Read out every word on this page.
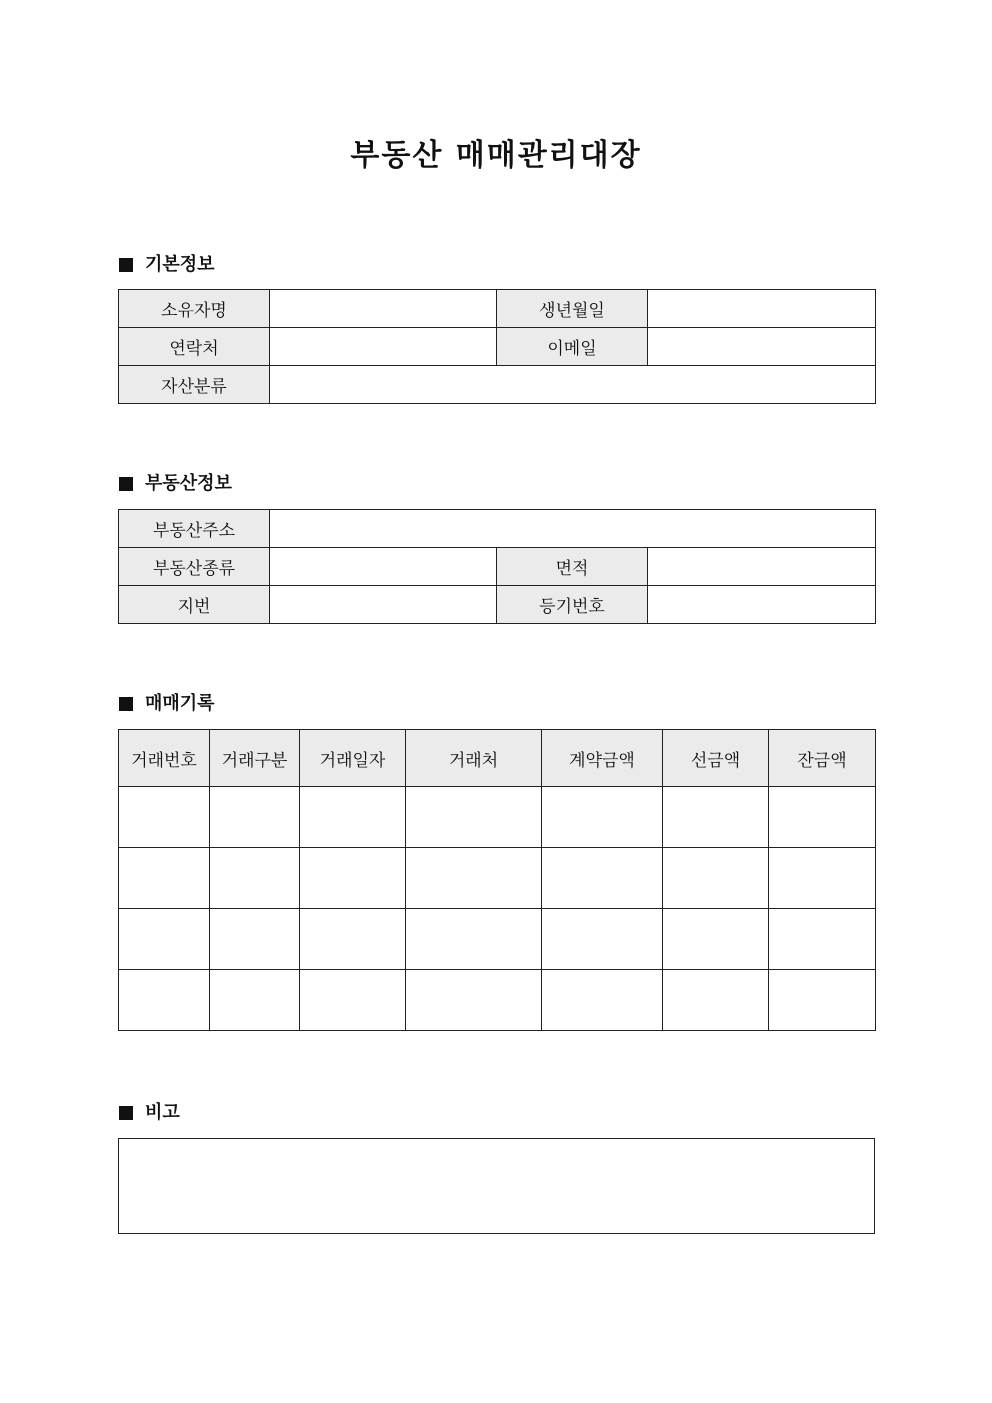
부동산 매매관리대장
기본정보
소유자명		생년월일	
연락처		이메일	
자산분류			
부동산정보
부동산주소			
부동산종류		면적	
지번		등기번호	
매매기록
거래번호	거래구분	거래일자	거래처	계약금액	선금액	잔금액

비고
